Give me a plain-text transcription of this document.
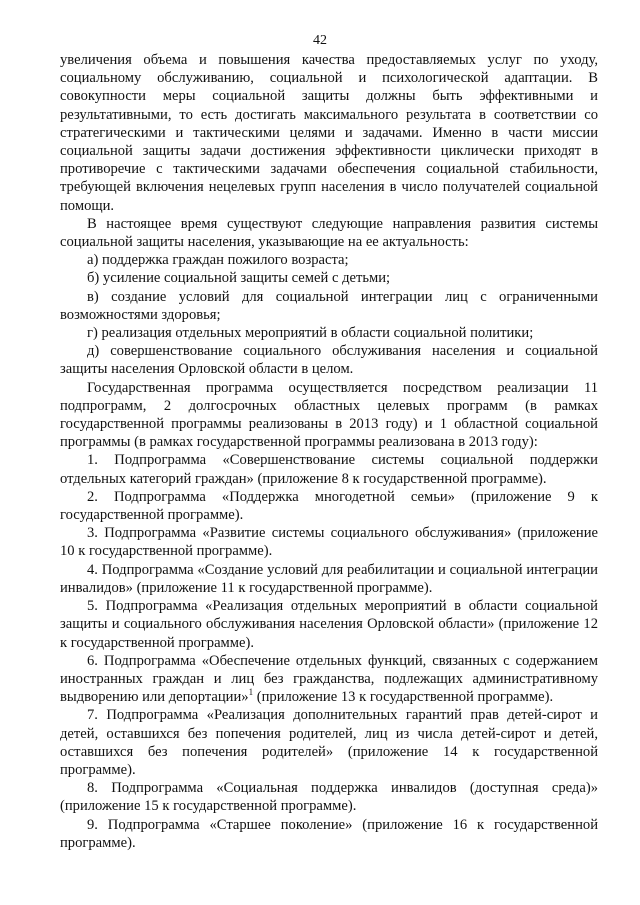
42

увеличения объема и повышения качества предоставляемых услуг по уходу, социальному обслуживанию, социальной и психологической адаптации. В совокупности меры социальной защиты должны быть эффективными и результативными, то есть достигать максимального результата в соответствии со стратегическими и тактическими целями и задачами. Именно в части миссии социальной защиты задачи достижения эффективности циклически приходят в противоречие с тактическими задачами обеспечения социальной стабильности, требующей включения нецелевых групп населения в число получателей социальной помощи.

В настоящее время существуют следующие направления развития системы социальной защиты населения, указывающие на ее актуальность:

а) поддержка граждан пожилого возраста;

б) усиление социальной защиты семей с детьми;

в) создание условий для социальной интеграции лиц с ограниченными возможностями здоровья;

г) реализация отдельных мероприятий в области социальной политики;

д) совершенствование социального обслуживания населения и социальной защиты населения Орловской области в целом.

Государственная программа осуществляется посредством реализации 11 подпрограмм, 2 долгосрочных областных целевых программ (в рамках государственной программы реализованы в 2013 году) и 1 областной социальной программы (в рамках государственной программы реализована в 2013 году):

1. Подпрограмма «Совершенствование системы социальной поддержки отдельных категорий граждан» (приложение 8 к государственной программе).

2. Подпрограмма «Поддержка многодетной семьи» (приложение 9 к государственной программе).

3. Подпрограмма «Развитие системы социального обслуживания» (приложение 10 к государственной программе).

4. Подпрограмма «Создание условий для реабилитации и социальной интеграции инвалидов» (приложение 11 к государственной программе).

5. Подпрограмма «Реализация отдельных мероприятий в области социальной защиты и социального обслуживания населения Орловской области» (приложение 12 к государственной программе).

6. Подпрограмма «Обеспечение отдельных функций, связанных с содержанием иностранных граждан и лиц без гражданства, подлежащих административному выдворению или депортации»$^1$ (приложение 13 к государственной программе).

7. Подпрограмма «Реализация дополнительных гарантий прав детей-сирот и детей, оставшихся без попечения родителей, лиц из числа детей-сирот и детей, оставшихся без попечения родителей» (приложение 14 к государственной программе).

8. Подпрограмма «Социальная поддержка инвалидов (доступная среда)» (приложение 15 к государственной программе).

9. Подпрограмма «Старшее поколение» (приложение 16 к государственной программе).
